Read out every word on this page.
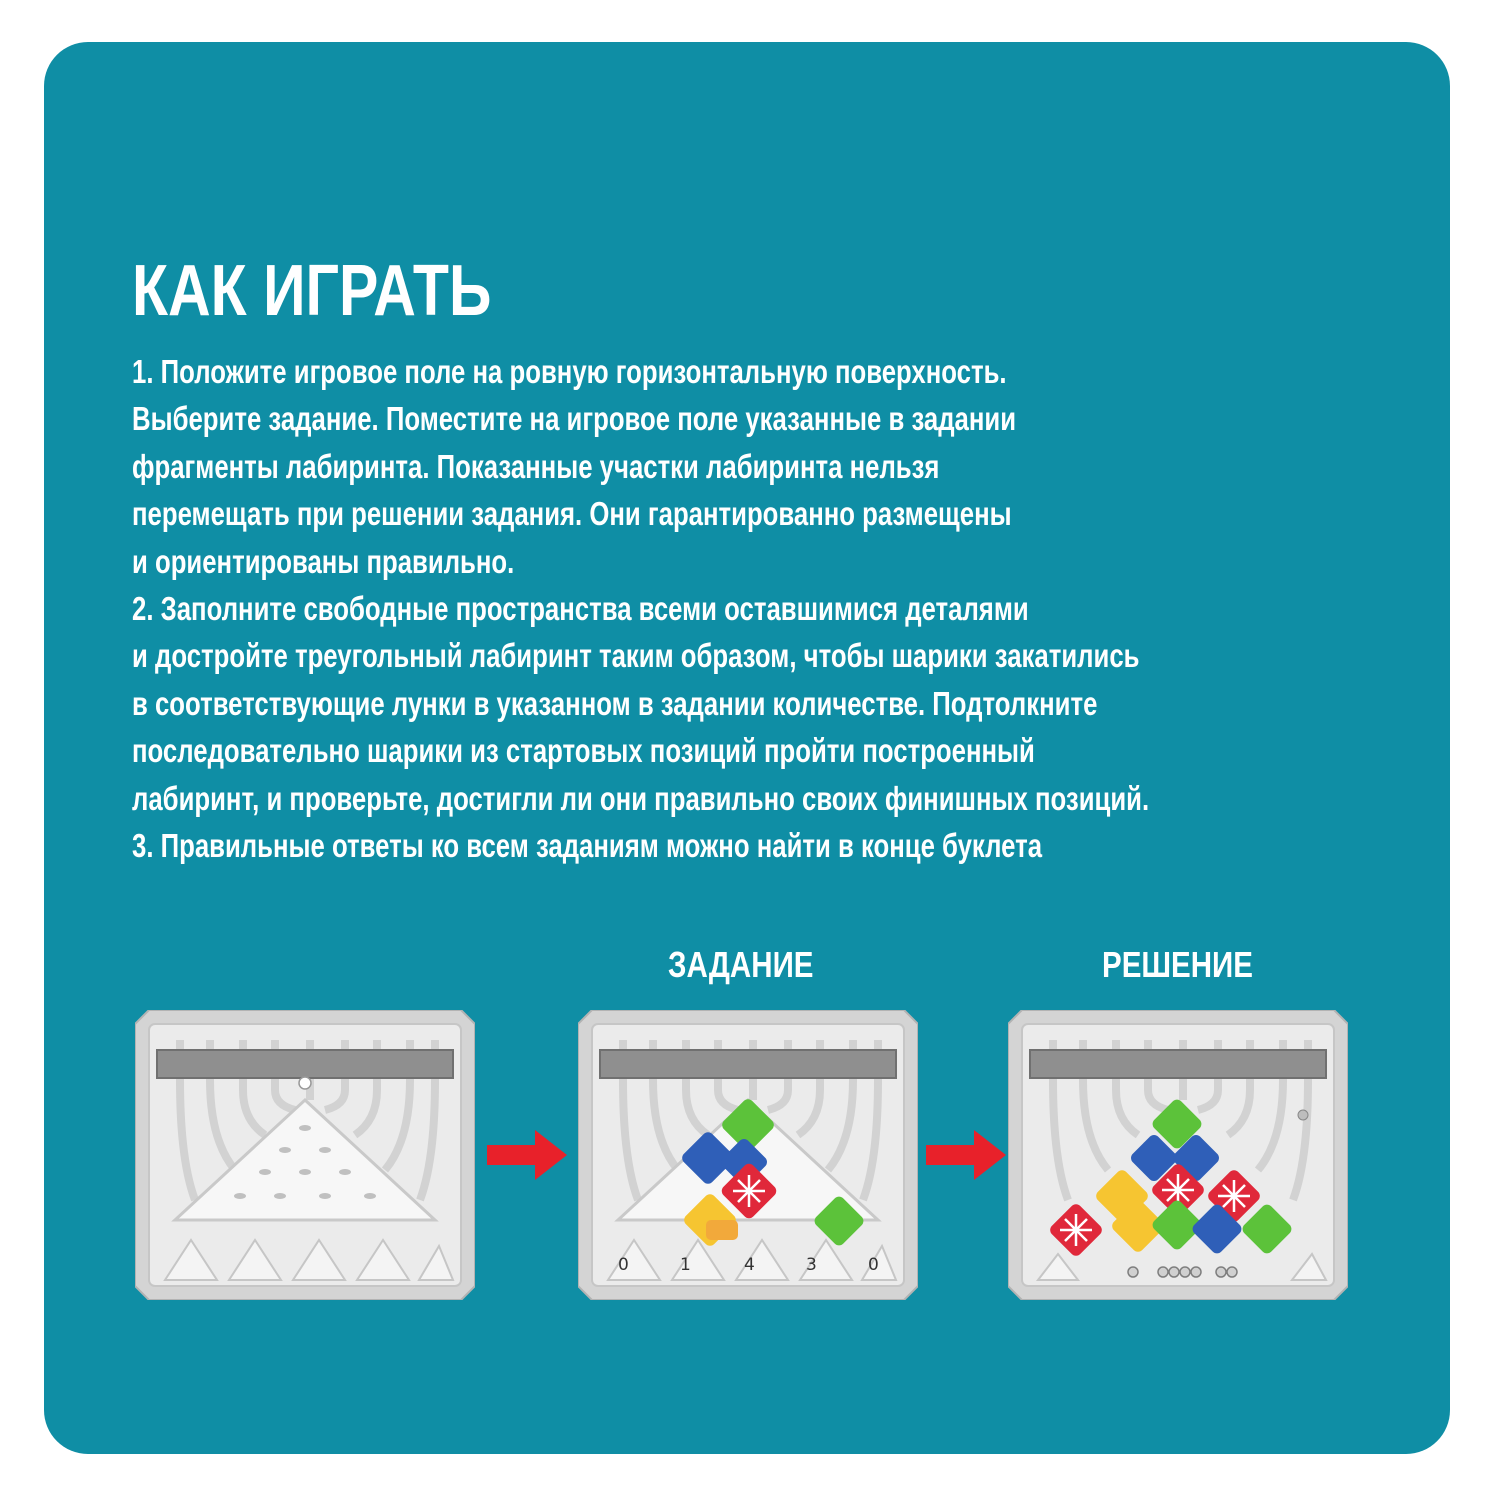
КАК ИГРАТЬ
1. Положите игровое поле на ровную горизонтальную поверхность.
Выберите задание. Поместите на игровое поле указанные в задании
фрагменты лабиринта. Показанные участки лабиринта нельзя
перемещать при решении задания. Они гарантированно размещены
и ориентированы правильно.
2. Заполните свободные пространства всеми оставшимися деталями
и достройте треугольный лабиринт таким образом, чтобы шарики закатились
в соответствующие лунки в указанном в задании количестве. Подтолкните
последовательно шарики из стартовых позиций пройти построенный
лабиринт, и проверьте, достигли ли они правильно своих финишных позиций.
3. Правильные ответы ко всем заданиям можно найти в конце буклета
ЗАДАНИЕ	РЕШЕНИЕ
0	1	4	3	0
